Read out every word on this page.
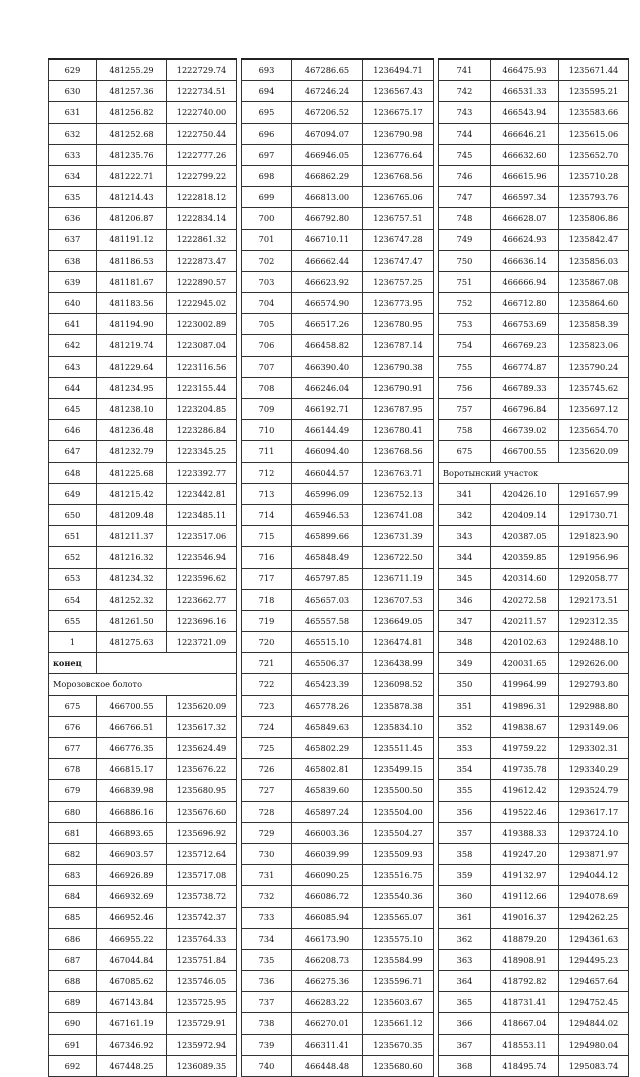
629	481255.29	1222729.74
630	481257.36	1222734.51
631	481256.82	1222740.00
632	481252.68	1222750.44
633	481235.76	1222777.26
634	481222.71	1222799.22
635	481214.43	1222818.12
636	481206.87	1222834.14
637	481191.12	1222861.32
638	481186.53	1222873.47
639	481181.67	1222890.57
640	481183.56	1222945.02
641	481194.90	1223002.89
642	481219.74	1223087.04
643	481229.64	1223116.56
644	481234.95	1223155.44
645	481238.10	1223204.85
646	481236.48	1223286.84
647	481232.79	1223345.25
648	481225.68	1223392.77
649	481215.42	1223442.81
650	481209.48	1223485.11
651	481211.37	1223517.06
652	481216.32	1223546.94
653	481234.32	1223596.62
654	481252.32	1223662.77
655	481261.50	1223696.16
1	481275.63	1223721.09
конец		
Морозовское болото		
675	466700.55	1235620.09
676	466766.51	1235617.32
677	466776.35	1235624.49
678	466815.17	1235676.22
679	466839.98	1235680.95
680	466886.16	1235676.60
681	466893.65	1235696.92
682	466903.57	1235712.64
683	466926.89	1235717.08
684	466932.69	1235738.72
685	466952.46	1235742.37
686	466955.22	1235764.33
687	467044.84	1235751.84
688	467085.62	1235746.05
689	467143.84	1235725.95
690	467161.19	1235729.91
691	467346.92	1235972.94
692	467448.25	1236089.35
693	467286.65	1236494.71
694	467246.24	1236567.43
695	467206.52	1236675.17
696	467094.07	1236790.98
697	466946.05	1236776.64
698	466862.29	1236768.56
699	466813.00	1236765.06
700	466792.80	1236757.51
701	466710.11	1236747.28
702	466662.44	1236747.47
703	466623.92	1236757.25
704	466574.90	1236773.95
705	466517.26	1236780.95
706	466458.82	1236787.14
707	466390.40	1236790.38
708	466246.04	1236790.91
709	466192.71	1236787.95
710	466144.49	1236780.41
711	466094.40	1236768.56
712	466044.57	1236763.71
713	465996.09	1236752.13
714	465946.53	1236741.08
715	465899.66	1236731.39
716	465848.49	1236722.50
717	465797.85	1236711.19
718	465657.03	1236707.53
719	465557.58	1236649.05
720	465515.10	1236474.81
721	465506.37	1236438.99
722	465423.39	1236098.52
723	465778.26	1235878.38
724	465849.63	1235834.10
725	465802.29	1235511.45
726	465802.81	1235499.15
727	465839.60	1235500.50
728	465897.24	1235504.00
729	466003.36	1235504.27
730	466039.99	1235509.93
731	466090.25	1235516.75
732	466086.72	1235540.36
733	466085.94	1235565.07
734	466173.90	1235575.10
735	466208.73	1235584.99
736	466275.36	1235596.71
737	466283.22	1235603.67
738	466270.01	1235661.12
739	466311.41	1235670.35
740	466448.48	1235680.60
741	466475.93	1235671.44
742	466531.33	1235595.21
743	466543.94	1235583.66
744	466646.21	1235615.06
745	466632.60	1235652.70
746	466615.96	1235710.28
747	466597.34	1235793.76
748	466628.07	1235806.86
749	466624.93	1235842.47
750	466636.14	1235856.03
751	466666.94	1235867.08
752	466712.80	1235864.60
753	466753.69	1235858.39
754	466769.23	1235823.06
755	466774.87	1235790.24
756	466789.33	1235745.62
757	466796.84	1235697.12
758	466739.02	1235654.70
675	466700.55	1235620.09
Воротынский участок		
341	420426.10	1291657.99
342	420409.14	1291730.71
343	420387.05	1291823.90
344	420359.85	1291956.96
345	420314.60	1292058.77
346	420272.58	1292173.51
347	420211.57	1292312.35
348	420102.63	1292488.10
349	420031.65	1292626.00
350	419964.99	1292793.80
351	419896.31	1292988.80
352	419838.67	1293149.06
353	419759.22	1293302.31
354	419735.78	1293340.29
355	419612.42	1293524.79
356	419522.46	1293617.17
357	419388.33	1293724.10
358	419247.20	1293871.97
359	419132.97	1294044.12
360	419112.66	1294078.69
361	419016.37	1294262.25
362	418879.20	1294361.63
363	418908.91	1294495.23
364	418792.82	1294657.64
365	418731.41	1294752.45
366	418667.04	1294844.02
367	418553.11	1294980.04
368	418495.74	1295083.74
